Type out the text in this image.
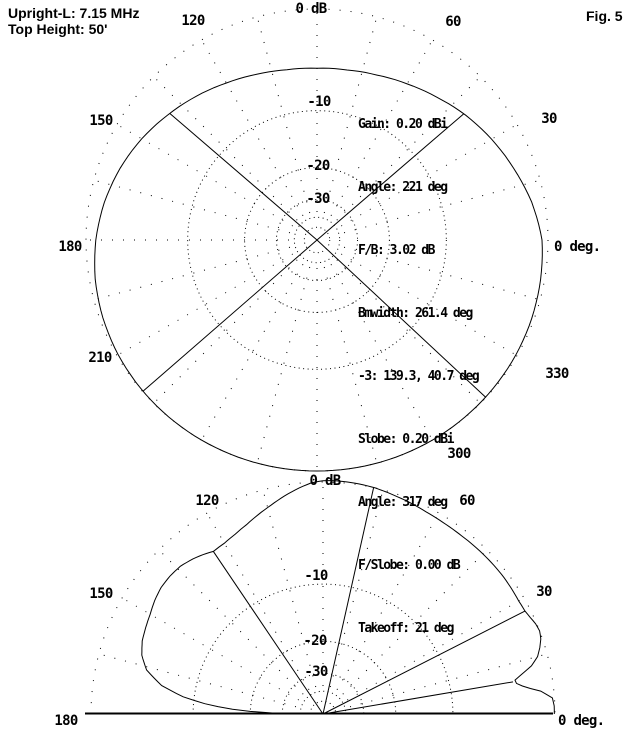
Upright-L: 7.15 MHz
Top Height: 50'
Fig. 5
0 dB
-10
-20
-30
120	60
150	30
180	0 deg.
210
330
300
0 dB
-10
-20
-30
120	60
150	30
180	0 deg.

Gain: 0.20 dBi

Angle: 221 deg

F/B: 3.02 dB

Bmwidth: 261.4 deg

-3: 139.3, 40.7 deg

Slobe: 0.20 dBi

Angle: 317 deg

F/Slobe: 0.00 dB

Takeoff: 21 deg
